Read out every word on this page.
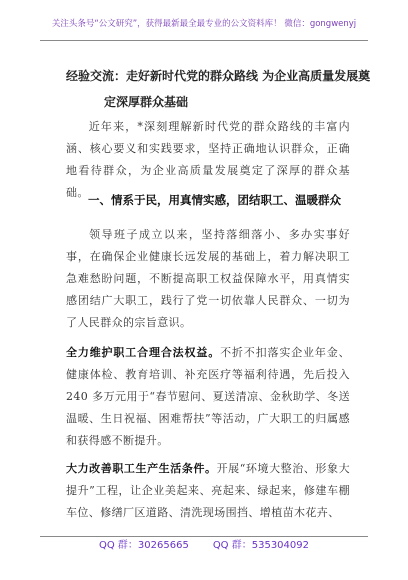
关注头条号“公文研究”，获得最新最全最专业的公文资料库！ 微信：gongwenyj
经验交流：走好新时代党的群众路线 为企业高质量发展奠
定深厚群众基础
近年来，*深刻理解新时代党的群众路线的丰富内涵、核心要义和实践要求，坚持正确地认识群众，正确地看待群众，为企业高质量发展奠定了深厚的群众基础。
一、情系于民，用真情实感，团结职工、温暖群众
领导班子成立以来，坚持落细落小、多办实事好事，在确保企业健康长远发展的基础上，着力解决职工急难愁盼问题，不断提高职工权益保障水平，用真情实感团结广大职工，践行了党一切依靠人民群众、一切为了人民群众的宗旨意识。
全力维护职工合理合法权益。不折不扣落实企业年金、健康体检、教育培训、补充医疗等福利待遇，先后投入 240 多万元用于“春节慰问、夏送清凉、金秋助学、冬送温暖、生日祝福、困难帮扶”等活动，广大职工的归属感和获得感不断提升。
大力改善职工生产生活条件。开展“环境大整治、形象大提升”工程，让企业美起来、亮起来、绿起来，修建车棚车位、修缮厂区道路、清洗现场围挡、增植苗木花卉、
QQ 群：30265665 QQ 群：535304092
